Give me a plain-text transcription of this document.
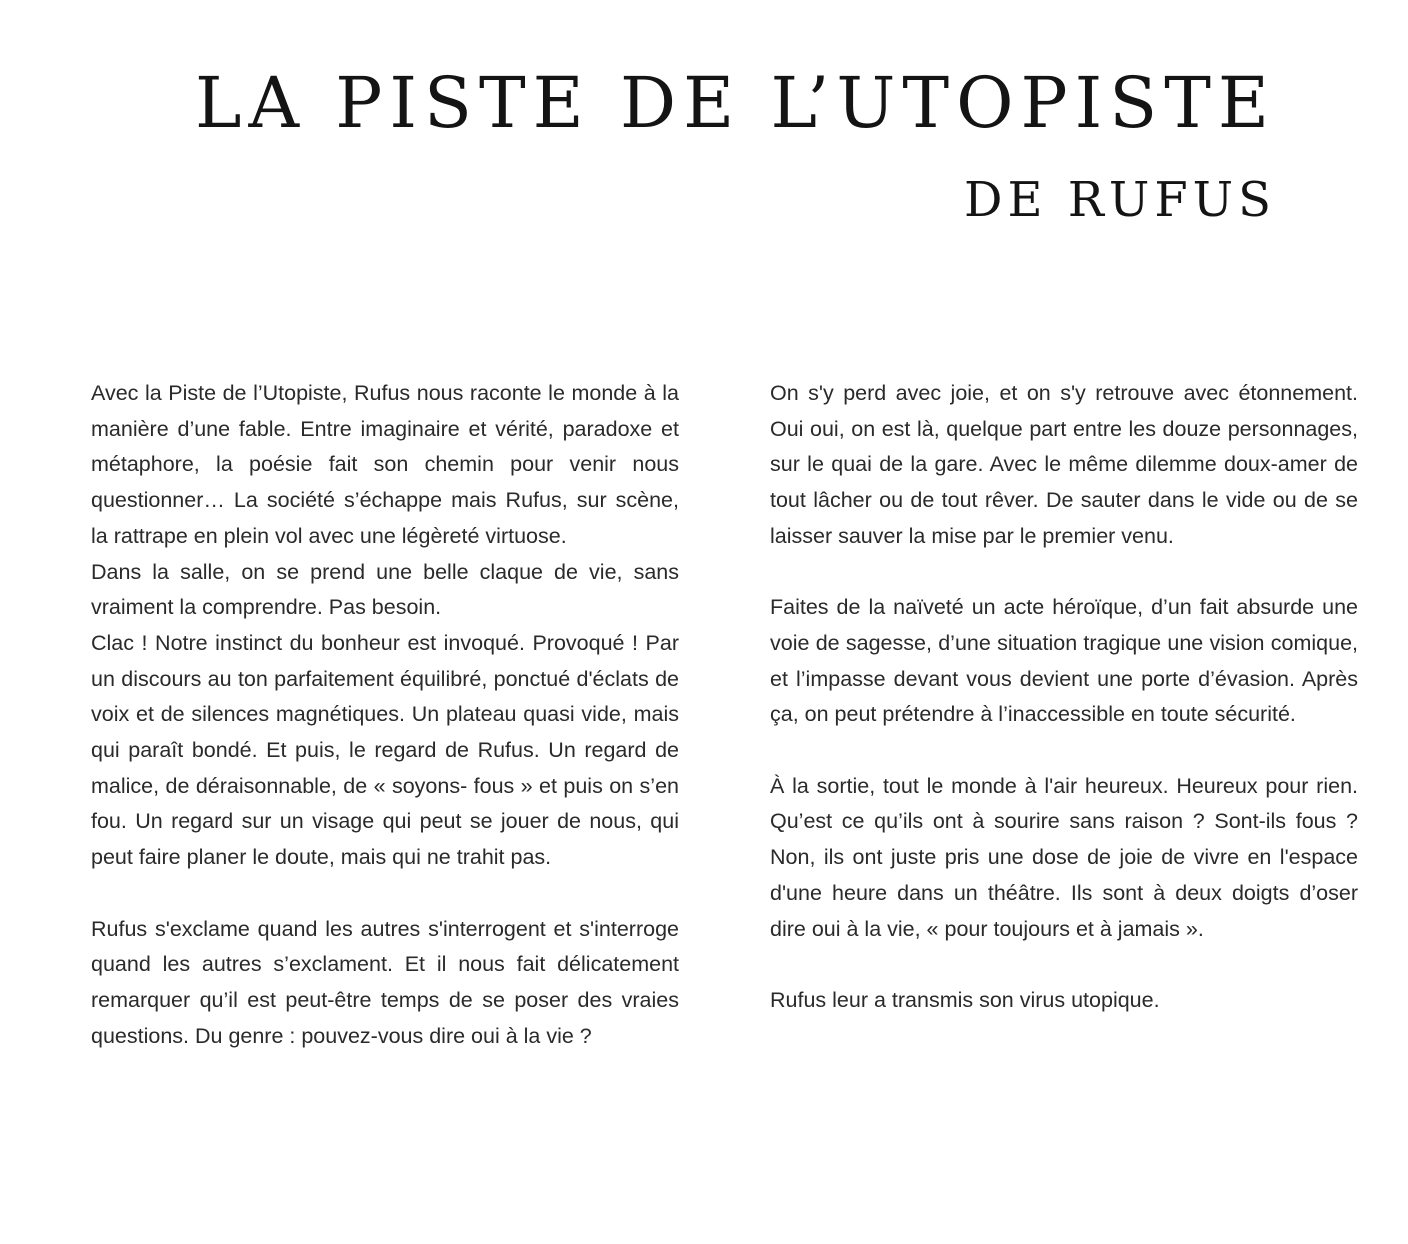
LA PISTE DE L’UTOPISTE
DE RUFUS

Avec la Piste de l’Utopiste, Rufus nous raconte le monde à la manière d’une fable. Entre imaginaire et vérité, paradoxe et métaphore, la poésie fait son chemin pour venir nous questionner… La société s’échappe mais Rufus, sur scène, la rattrape en plein vol avec une légèreté virtuose.

Dans la salle, on se prend une belle claque de vie, sans vraiment la comprendre. Pas besoin.

Clac ! Notre instinct du bonheur est invoqué. Provoqué ! Par un discours au ton parfaitement équilibré, ponctué d'éclats de voix et de silences magnétiques. Un plateau quasi vide, mais qui paraît bondé. Et puis, le regard de Rufus. Un regard de malice, de déraisonnable, de « soyons- fous » et puis on s’en fou. Un regard sur un visage qui peut se jouer de nous, qui peut faire planer le doute, mais qui ne trahit pas.

Rufus s'exclame quand les autres s'interrogent et s'interroge quand les autres s’exclament. Et il nous fait délicatement remarquer qu’il est peut-être temps de se poser des vraies questions. Du genre : pouvez-vous dire oui à la vie ?

On s'y perd avec joie, et on s'y retrouve avec étonnement. Oui oui, on est là, quelque part entre les douze personnages, sur le quai de la gare. Avec le même dilemme doux-amer de tout lâcher ou de tout rêver. De sauter dans le vide ou de se laisser sauver la mise par le premier venu.

Faites de la naïveté un acte héroïque, d’un fait absurde une voie de sagesse, d’une situation tragique une vision comique, et l’impasse devant vous devient une porte d’évasion. Après ça, on peut prétendre à l’inaccessible en toute sécurité.

À la sortie, tout le monde à l'air heureux. Heureux pour rien. Qu’est ce qu’ils ont à sourire sans raison ? Sont-ils fous ? Non, ils ont juste pris une dose de joie de vivre en l'espace d'une heure dans un théâtre. Ils sont à deux doigts d’oser dire oui à la vie, « pour toujours et à jamais ».

Rufus leur a transmis son virus utopique.
